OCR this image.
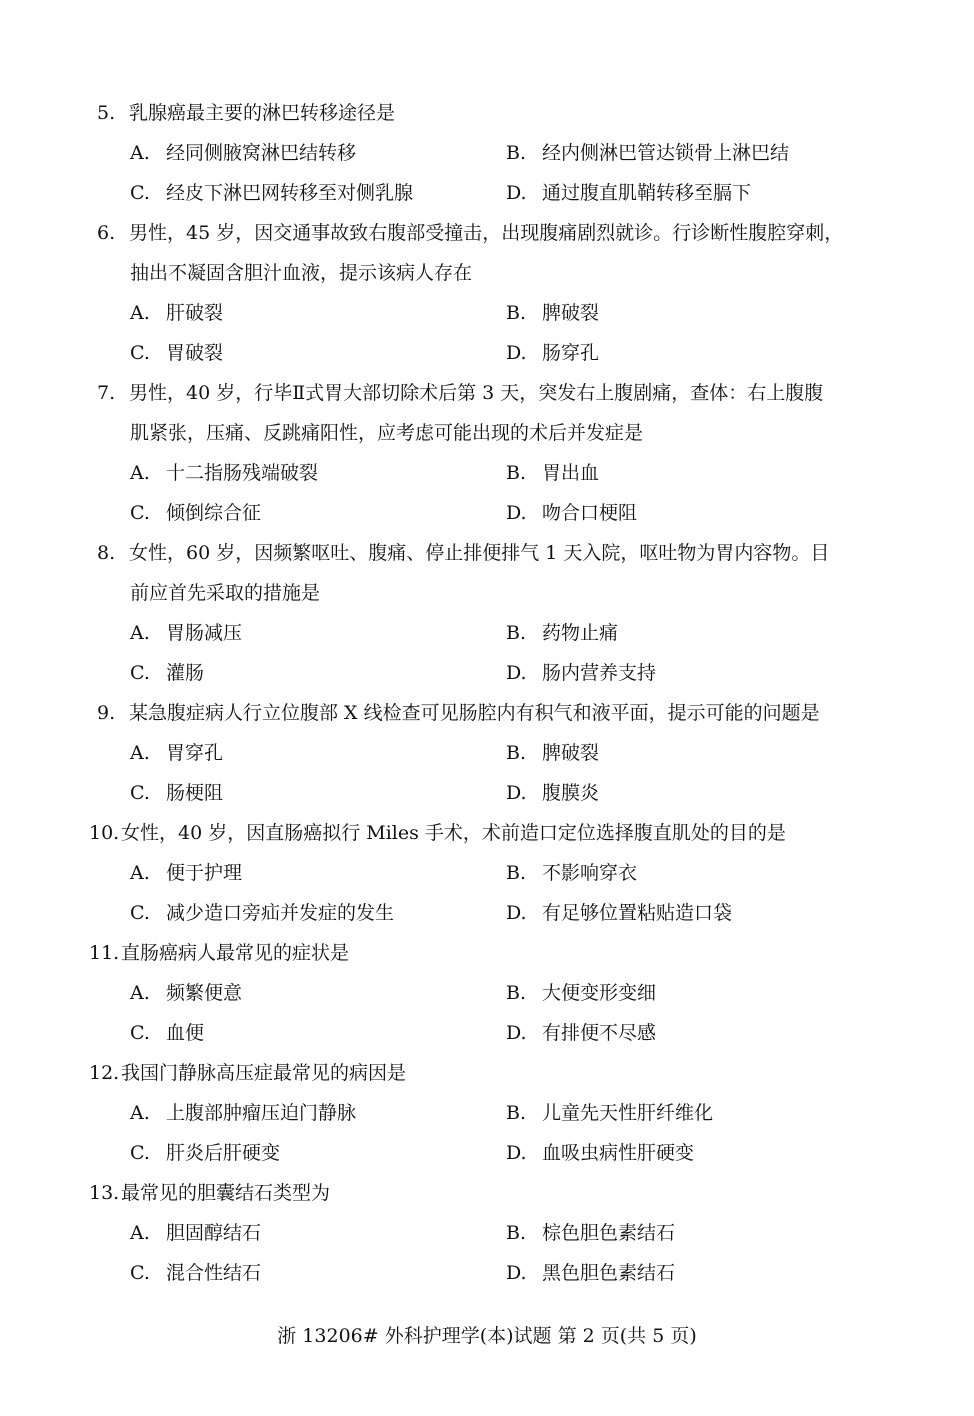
5. 乳腺癌最主要的淋巴转移途径是
A. 经同侧腋窝淋巴结转移	B. 经内侧淋巴管达锁骨上淋巴结
C. 经皮下淋巴网转移至对侧乳腺	D. 通过腹直肌鞘转移至膈下
6. 男性，45 岁，因交通事故致右腹部受撞击，出现腹痛剧烈就诊。行诊断性腹腔穿刺，
抽出不凝固含胆汁血液，提示该病人存在
A. 肝破裂	B. 脾破裂
C. 胃破裂	D. 肠穿孔
7. 男性，40 岁，行毕Ⅱ式胃大部切除术后第 3 天，突发右上腹剧痛，查体：右上腹腹
肌紧张，压痛、反跳痛阳性，应考虑可能出现的术后并发症是
A. 十二指肠残端破裂	B. 胃出血
C. 倾倒综合征	D. 吻合口梗阻
8. 女性，60 岁，因频繁呕吐、腹痛、停止排便排气 1 天入院，呕吐物为胃内容物。目
前应首先采取的措施是
A. 胃肠减压	B. 药物止痛
C. 灌肠	D. 肠内营养支持
9. 某急腹症病人行立位腹部 X 线检查可见肠腔内有积气和液平面，提示可能的问题是
A. 胃穿孔	B. 脾破裂
C. 肠梗阻	D. 腹膜炎
10.女性，40 岁，因直肠癌拟行 Miles 手术，术前造口定位选择腹直肌处的目的是
A. 便于护理	B. 不影响穿衣
C. 减少造口旁疝并发症的发生	D. 有足够位置粘贴造口袋
11.直肠癌病人最常见的症状是
A. 频繁便意	B. 大便变形变细
C. 血便	D. 有排便不尽感
12.我国门静脉高压症最常见的病因是
A. 上腹部肿瘤压迫门静脉	B. 儿童先天性肝纤维化
C. 肝炎后肝硬变	D. 血吸虫病性肝硬变
13.最常见的胆囊结石类型为
A. 胆固醇结石	B. 棕色胆色素结石
C. 混合性结石	D. 黑色胆色素结石
浙 13206# 外科护理学(本)试题 第 2 页(共 5 页)
